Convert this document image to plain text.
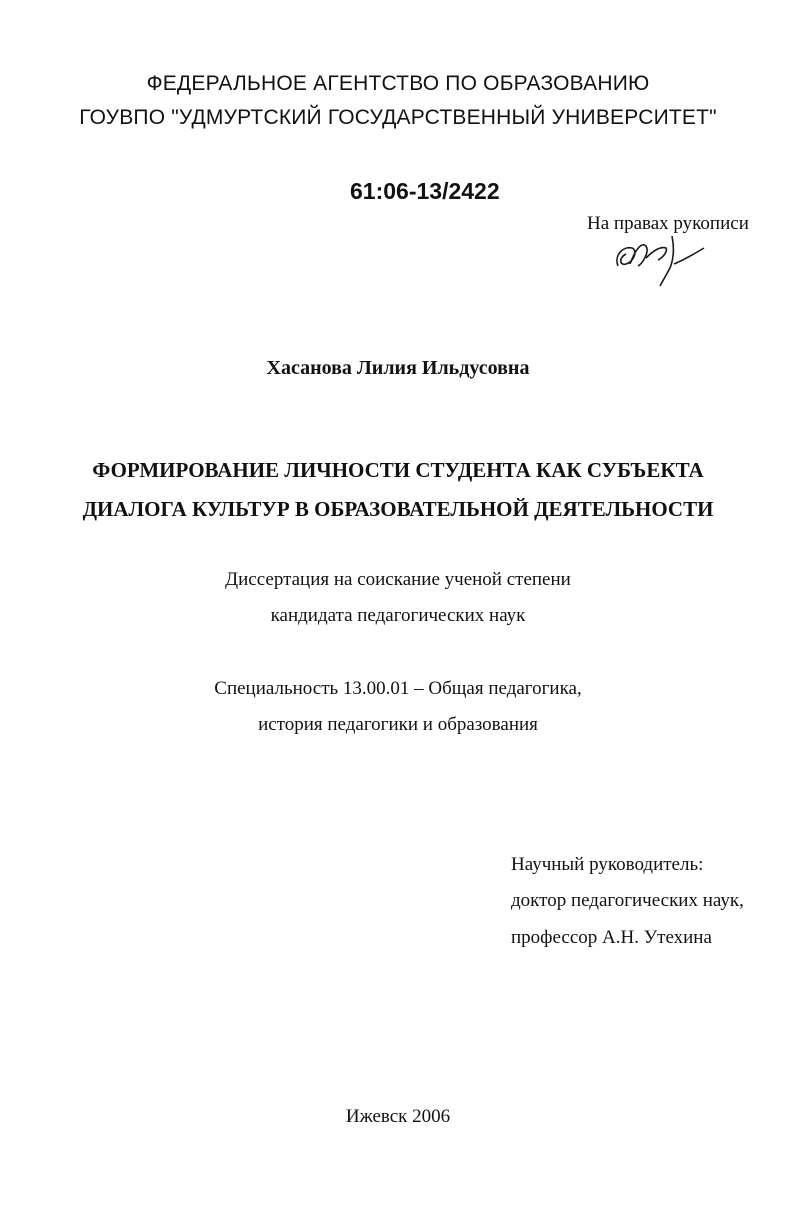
ФЕДЕРАЛЬНОЕ АГЕНТСТВО ПО ОБРАЗОВАНИЮ
ГОУВПО "УДМУРТСКИЙ ГОСУДАРСТВЕННЫЙ УНИВЕРСИТЕТ"
61:06-13/2422
На правах рукописи
Хасанова Лилия Ильдусовна
ФОРМИРОВАНИЕ ЛИЧНОСТИ СТУДЕНТА КАК СУБЪЕКТА
ДИАЛОГА КУЛЬТУР В ОБРАЗОВАТЕЛЬНОЙ ДЕЯТЕЛЬНОСТИ
Диссертация на соискание ученой степени
кандидата педагогических наук
Специальность 13.00.01 – Общая педагогика,
история педагогики и образования
Научный руководитель:
доктор педагогических наук,
профессор А.Н. Утехина
Ижевск 2006
